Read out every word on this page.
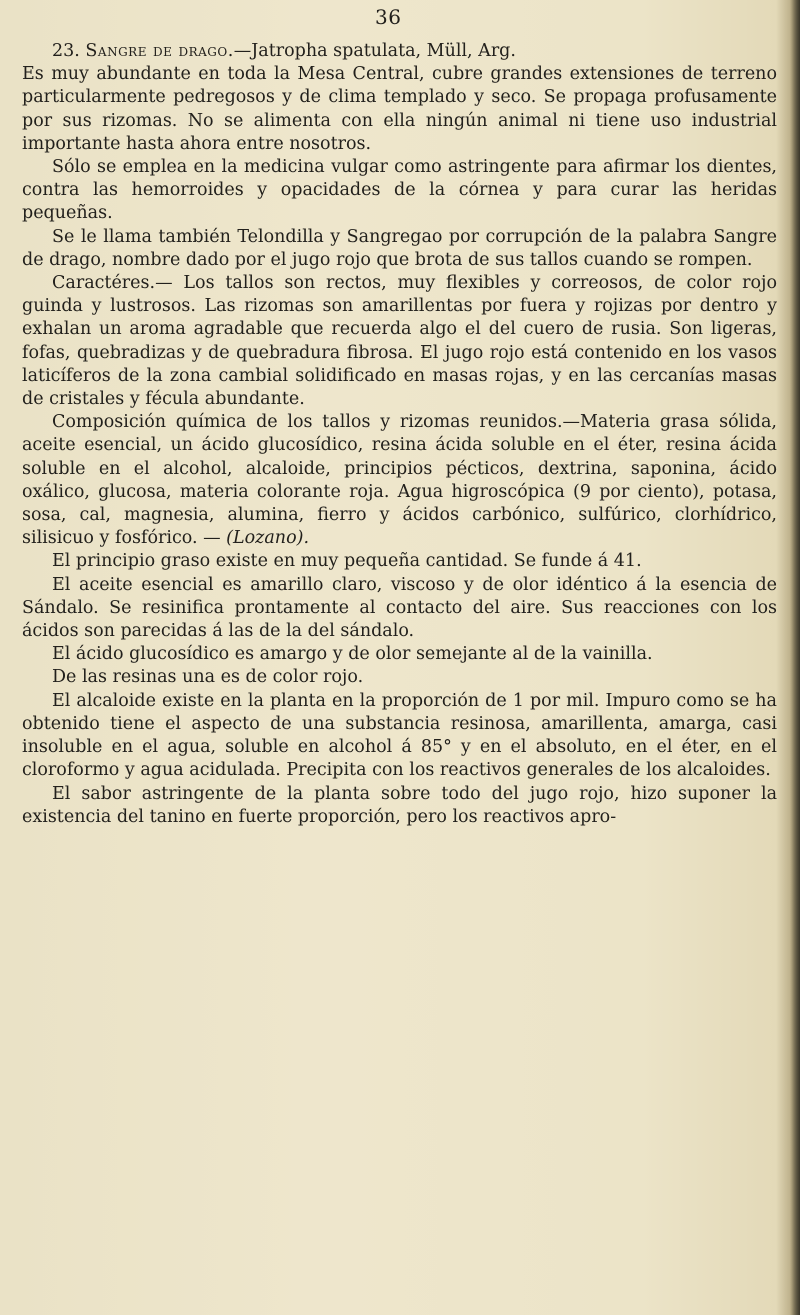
36

23. Sangre de drago.—Jatropha spatulata, Müll, Arg.
Es muy abundante en toda la Mesa Central, cubre grandes extensiones de terreno particularmente pedregosos y de clima templado y seco. Se propaga profusamente por sus rizomas. No se alimenta con ella ningún animal ni tiene uso industrial importante hasta ahora entre nosotros.

Sólo se emplea en la medicina vulgar como astringente para afirmar los dientes, contra las hemorroides y opacidades de la córnea y para curar las heridas pequeñas.

Se le llama también Telondilla y Sangregao por corrupción de la palabra Sangre de drago, nombre dado por el jugo rojo que brota de sus tallos cuando se rompen.

Caractéres.— Los tallos son rectos, muy flexibles y correosos, de color rojo guinda y lustrosos. Las rizomas son amarillentas por fuera y rojizas por dentro y exhalan un aroma agradable que recuerda algo el del cuero de rusia. Son ligeras, fofas, quebradizas y de quebradura fibrosa. El jugo rojo está contenido en los vasos laticíferos de la zona cambial solidificado en masas rojas, y en las cercanías masas de cristales y fécula abundante.

Composición química de los tallos y rizomas reunidos.—Materia grasa sólida, aceite esencial, un ácido glucosídico, resina ácida soluble en el éter, resina ácida soluble en el alcohol, alcaloide, principios pécticos, dextrina, saponina, ácido oxálico, glucosa, materia colorante roja. Agua higroscópica (9 por ciento), potasa, sosa, cal, magnesia, alumina, fierro y ácidos carbónico, sulfúrico, clorhídrico, silisicuo y fosfórico. — (Lozano).

El principio graso existe en muy pequeña cantidad. Se funde á 41.

El aceite esencial es amarillo claro, viscoso y de olor idéntico á la esencia de Sándalo. Se resinifica prontamente al contacto del aire. Sus reacciones con los ácidos son parecidas á las de la del sándalo.

El ácido glucosídico es amargo y de olor semejante al de la vainilla.

De las resinas una es de color rojo.

El alcaloide existe en la planta en la proporción de 1 por mil. Impuro como se ha obtenido tiene el aspecto de una substancia resinosa, amarillenta, amarga, casi insoluble en el agua, soluble en alcohol á 85° y en el absoluto, en el éter, en el cloroformo y agua acidulada. Precipita con los reactivos generales de los alcaloides.

El sabor astringente de la planta sobre todo del jugo rojo, hizo suponer la existencia del tanino en fuerte proporción, pero los reactivos apro-
